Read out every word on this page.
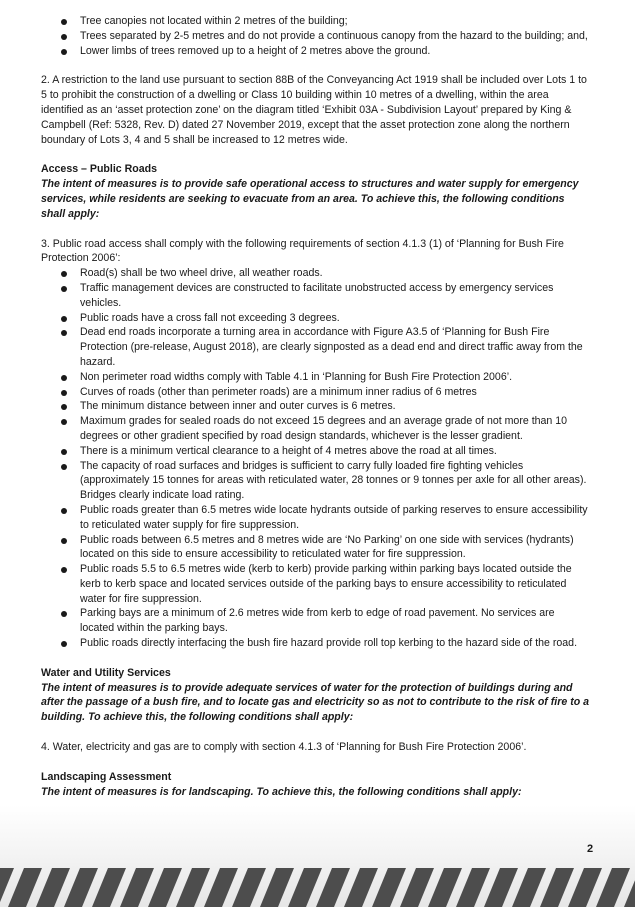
Tree canopies not located within 2 metres of the building;
Trees separated by 2-5 metres and do not provide a continuous canopy from the hazard to the building; and,
Lower limbs of trees removed up to a height of 2 metres above the ground.

2. A restriction to the land use pursuant to section 88B of the Conveyancing Act 1919 shall be included over Lots 1 to 5 to prohibit the construction of a dwelling or Class 10 building within 10 metres of a dwelling, within the area identified as an ‘asset protection zone’ on the diagram titled ‘Exhibit 03A - Subdivision Layout’ prepared by King & Campbell (Ref: 5328, Rev. D) dated 27 November 2019, except that the asset protection zone along the northern boundary of Lots 3, 4 and 5 shall be increased to 12 metres wide.

Access – Public Roads

The intent of measures is to provide safe operational access to structures and water supply for emergency services, while residents are seeking to evacuate from an area. To achieve this, the following conditions shall apply:

3. Public road access shall comply with the following requirements of section 4.1.3 (1) of ‘Planning for Bush Fire Protection 2006’:

Road(s) shall be two wheel drive, all weather roads.
Traffic management devices are constructed to facilitate unobstructed access by emergency services vehicles.
Public roads have a cross fall not exceeding 3 degrees.
Dead end roads incorporate a turning area in accordance with Figure A3.5 of ‘Planning for Bush Fire Protection (pre-release, August 2018), are clearly signposted as a dead end and direct traffic away from the hazard.
Non perimeter road widths comply with Table 4.1 in ‘Planning for Bush Fire Protection 2006’.
Curves of roads (other than perimeter roads) are a minimum inner radius of 6 metres
The minimum distance between inner and outer curves is 6 metres.
Maximum grades for sealed roads do not exceed 15 degrees and an average grade of not more than 10 degrees or other gradient specified by road design standards, whichever is the lesser gradient.
There is a minimum vertical clearance to a height of 4 metres above the road at all times.
The capacity of road surfaces and bridges is sufficient to carry fully loaded fire fighting vehicles (approximately 15 tonnes for areas with reticulated water, 28 tonnes or 9 tonnes per axle for all other areas). Bridges clearly indicate load rating.
Public roads greater than 6.5 metres wide locate hydrants outside of parking reserves to ensure accessibility to reticulated water supply for fire suppression.
Public roads between 6.5 metres and 8 metres wide are ‘No Parking’ on one side with services (hydrants) located on this side to ensure accessibility to reticulated water for fire suppression.
Public roads 5.5 to 6.5 metres wide (kerb to kerb) provide parking within parking bays located outside the kerb to kerb space and located services outside of the parking bays to ensure accessibility to reticulated water for fire suppression.
Parking bays are a minimum of 2.6 metres wide from kerb to edge of road pavement. No services are located within the parking bays.
Public roads directly interfacing the bush fire hazard provide roll top kerbing to the hazard side of the road.

Water and Utility Services

The intent of measures is to provide adequate services of water for the protection of buildings during and after the passage of a bush fire, and to locate gas and electricity so as not to contribute to the risk of fire to a building. To achieve this, the following conditions shall apply:

4. Water, electricity and gas are to comply with section 4.1.3 of ‘Planning for Bush Fire Protection 2006’.

Landscaping Assessment

The intent of measures is for landscaping. To achieve this, the following conditions shall apply:

2
